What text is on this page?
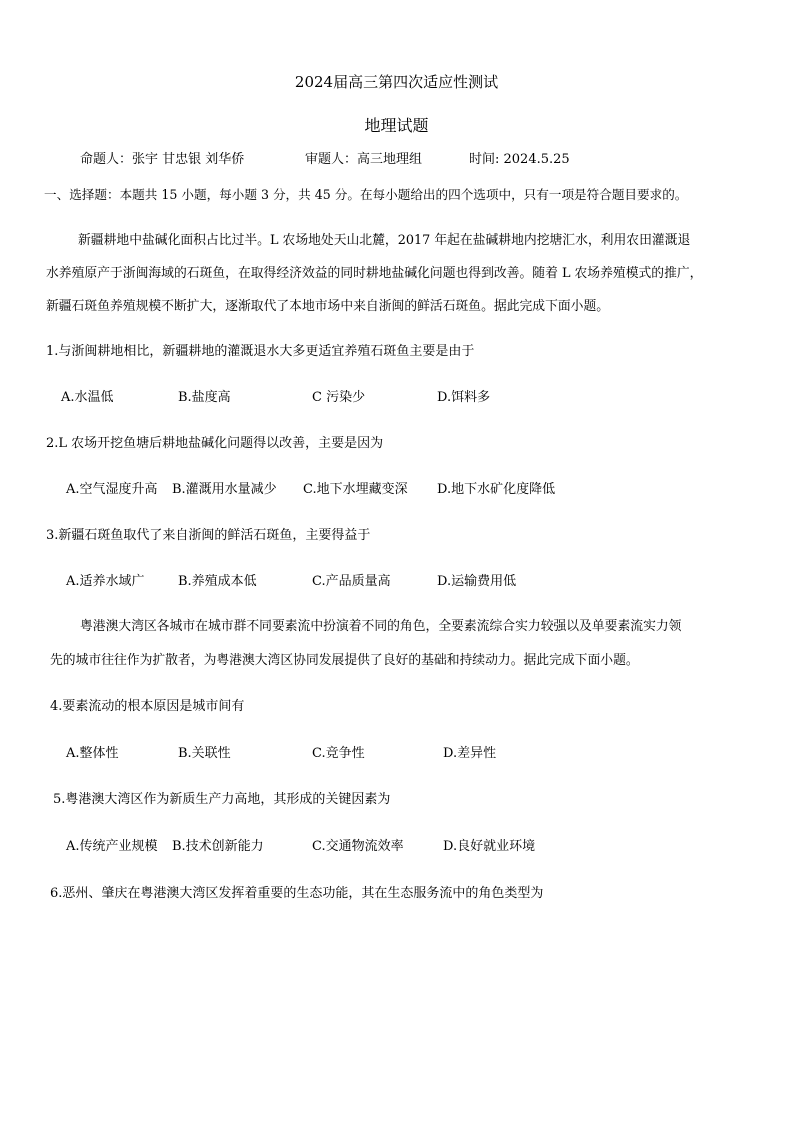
2024届高三第四次适应性测试
地理试题
命题人：张宇 甘忠银 刘华侨	审题人：高三地理组	时间: 2024.5.25
一、选择题：本题共 15 小题，每小题 3 分，共 45 分。在每小题给出的四个选项中，只有一项是符合题目要求的。
新疆耕地中盐碱化面积占比过半。L 农场地处天山北麓，2017 年起在盐碱耕地内挖塘汇水，利用农田灌溉退
水养殖原产于浙闽海域的石斑鱼，在取得经济效益的同时耕地盐碱化问题也得到改善。随着 L 农场养殖模式的推广，
新疆石斑鱼养殖规模不断扩大，逐渐取代了本地市场中来自浙闽的鲜活石斑鱼。据此完成下面小题。
1.与浙闽耕地相比，新疆耕地的灌溉退水大多更适宜养殖石斑鱼主要是由于
A.水温低	B.盐度高	C 污染少	D.饵料多
2.L 农场开挖鱼塘后耕地盐碱化问题得以改善，主要是因为
A.空气湿度升高 B.灌溉用水量减少 C.地下水埋藏变深 D.地下水矿化度降低
3.新疆石斑鱼取代了来自浙闽的鲜活石斑鱼，主要得益于
A.适养水域广	B.养殖成本低	C.产品质量高	D.运输费用低
粤港澳大湾区各城市在城市群不同要素流中扮演着不同的角色，全要素流综合实力较强以及单要素流实力领
先的城市往往作为扩散者，为粤港澳大湾区协同发展提供了良好的基础和持续动力。据此完成下面小题。
4.要素流动的根本原因是城市间有
A.整体性	B.关联性	C.竞争性	D.差异性
5.粤港澳大湾区作为新质生产力高地，其形成的关键因素为
A.传统产业规模 B.技术创新能力	C.交通物流效率	D.良好就业环境
6.恶州、肇庆在粤港澳大湾区发挥着重要的生态功能，其在生态服务流中的角色类型为
